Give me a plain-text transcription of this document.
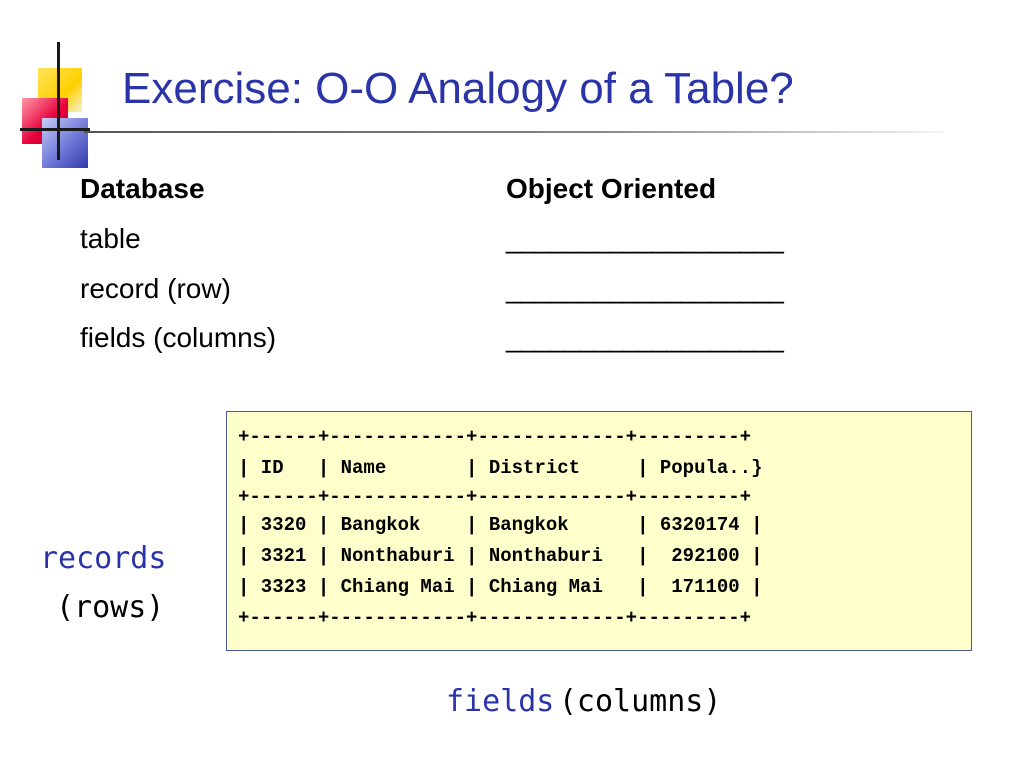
Exercise: O-O Analogy of a Table?
Database	Object Oriented
table	___________________
record (row)	___________________
fields (columns)	___________________
+------+------------+-------------+---------+
| ID   | Name       | District     | Popula..}
+------+------------+-------------+---------+
| 3320 | Bangkok    | Bangkok      | 6320174 |
| 3321 | Nonthaburi | Nonthaburi   |  292100 |
| 3323 | Chiang Mai | Chiang Mai   |  171100 |
+------+------------+-------------+---------+
records
(rows)
fields (columns)
